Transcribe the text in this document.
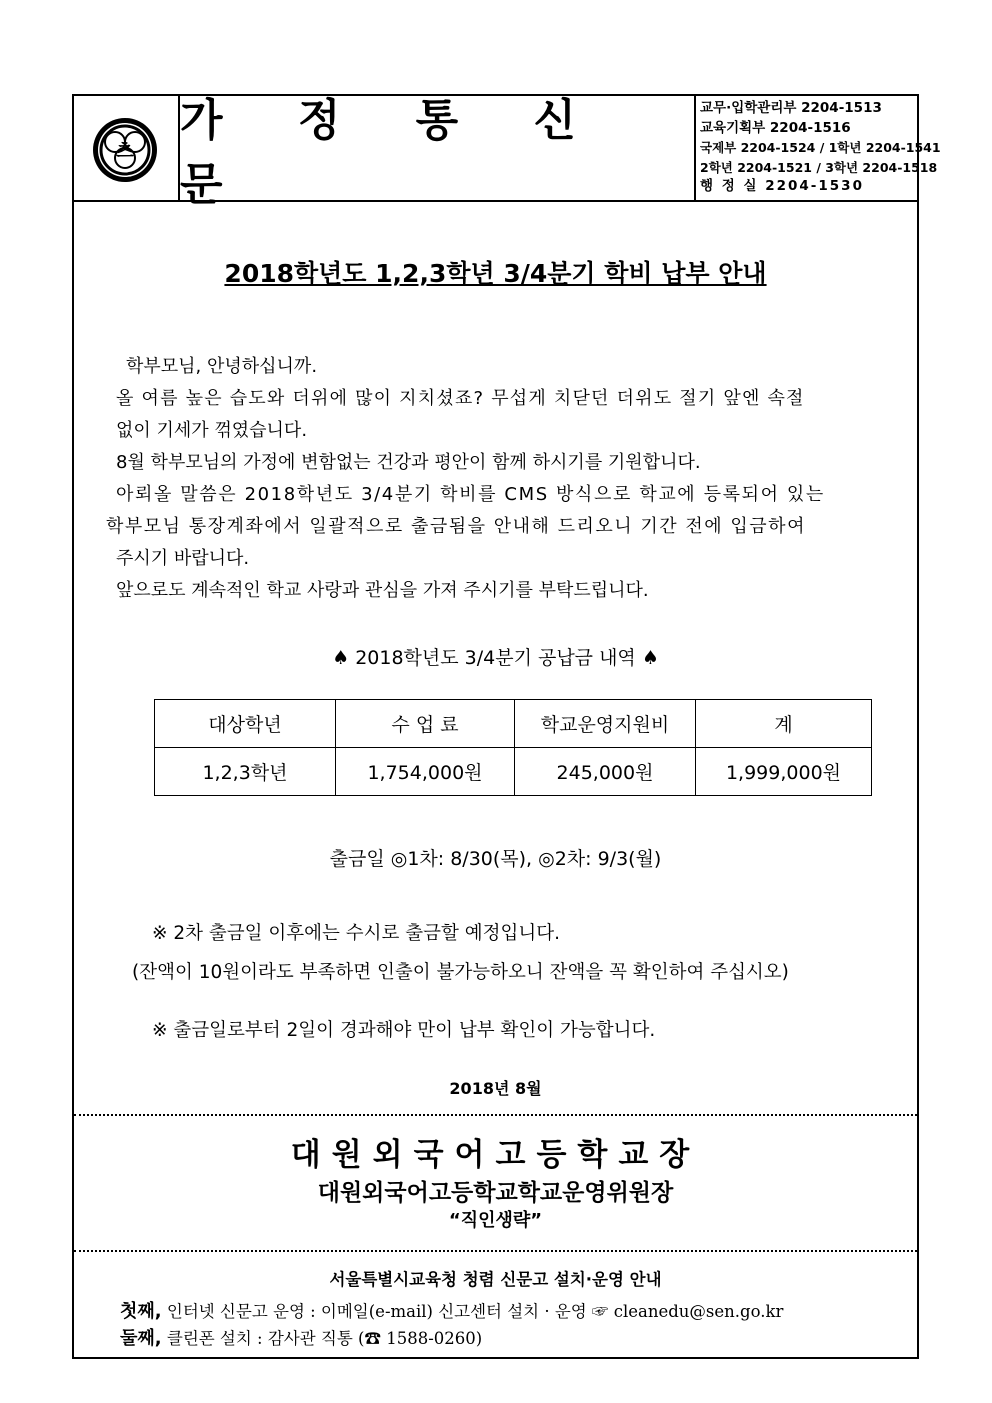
츠
가 정 통 신 문
교무·입학관리부 2204-1513
교육기획부 2204-1516
국제부 2204-1524 / 1학년 2204-1541
2학년 2204-1521 / 3학년 2204-1518
행 정 실 2204-1530
2018학년도 1,2,3학년 3/4분기 학비 납부 안내

학부모님, 안녕하십니까.

올 여름 높은 습도와 더위에 많이 지치셨죠? 무섭게 치닫던 더위도 절기 앞엔 속절

없이 기세가 꺾였습니다.

8월 학부모님의 가정에 변함없는 건강과 평안이 함께 하시기를 기원합니다.

아뢰올 말씀은 2018학년도 3/4분기 학비를 CMS 방식으로 학교에 등록되어 있는

학부모님 통장계좌에서 일괄적으로 출금됨을 안내해 드리오니 기간 전에 입금하여

주시기 바랍니다.

앞으로도 계속적인 학교 사랑과 관심을 가져 주시기를 부탁드립니다.

♠ 2018학년도 3/4분기 공납금 내역 ♠
대상학년	수 업 료	학교운영지원비	계
1,2,3학년	1,754,000원	245,000원	1,999,000원
출금일 ◎1차: 8/30(목), ◎2차: 9/3(월)
※ 2차 출금일 이후에는 수시로 출금할 예정입니다.
(잔액이 10원이라도 부족하면 인출이 불가능하오니 잔액을 꼭 확인하여 주십시오)
※ 출금일로부터 2일이 경과해야 만이 납부 확인이 가능합니다.
2018년 8월
대원외국어고등학교장
대원외국어고등학교학교운영위원장
“직인생략”
서울특별시교육청 청렴 신문고 설치·운영 안내
첫째, 인터넷 신문고 운영 : 이메일(e-mail) 신고센터 설치 · 운영 ☞ cleanedu@sen.go.kr
둘째, 클린폰 설치 : 감사관 직통 (☎ 1588-0260)
